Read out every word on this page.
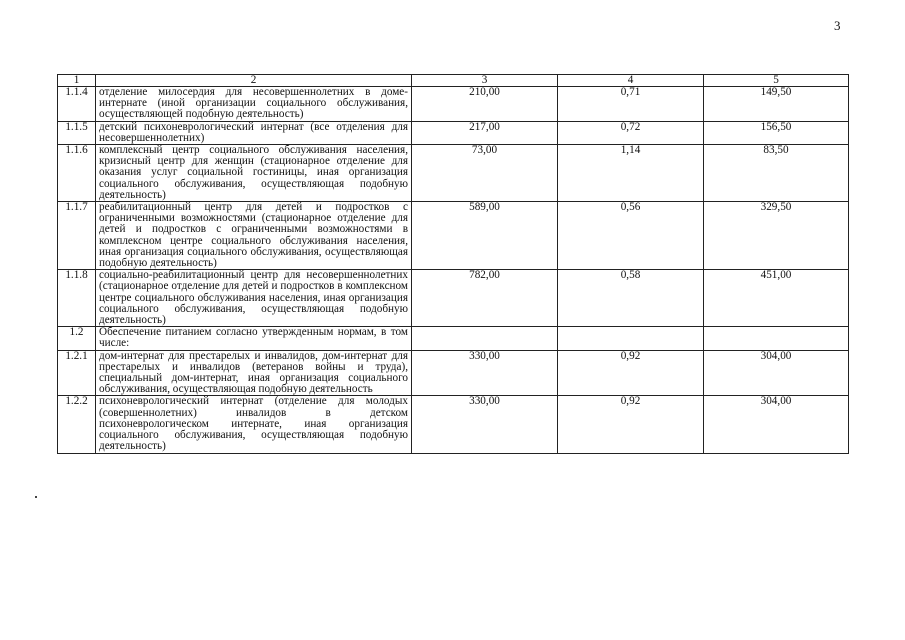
3
1	2	3	4	5
1.1.4	отделение милосердия для несовершеннолетних в доме-интернате (иной организации социального обслуживания, осуществляющей подобную деятельность)	210,00	0,71	149,50
1.1.5	детский психоневрологический интернат (все отделения для несовершеннолетних)	217,00	0,72	156,50
1.1.6	комплексный центр социального обслуживания населения, кризисный центр для женщин (стационарное отделение для оказания услуг социальной гостиницы, иная организация социального обслуживания, осуществляющая подобную деятельность)	73,00	1,14	83,50
1.1.7	реабилитационный центр для детей и подростков с ограниченными возможностями (стационарное отделение для детей и подростков с ограниченными возможностями в комплексном центре социального обслуживания населения, иная организация социального обслуживания, осуществляющая подобную деятельность)	589,00	0,56	329,50
1.1.8	социально-реабилитационный центр для несовершеннолетних (стационарное отделение для детей и подростков в комплексном центре социального обслуживания населения, иная организация социального обслуживания, осуществляющая подобную деятельность)	782,00	0,58	451,00
1.2	Обеспечение питанием согласно утвержденным нормам, в том числе:			
1.2.1	дом-интернат для престарелых и инвалидов, дом-интернат для престарелых и инвалидов (ветеранов войны и труда), специальный дом-интернат, иная организация социального обслуживания, осуществляющая подобную деятельность	330,00	0,92	304,00
1.2.2	психоневрологический интернат (отделение для молодых (совершеннолетних) инвалидов в детском психоневрологическом интернате, иная организация социального обслуживания, осуществляющая подобную деятельность)	330,00	0,92	304,00
